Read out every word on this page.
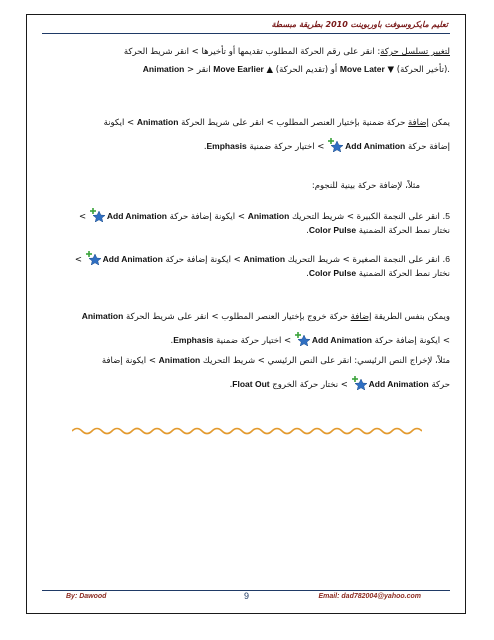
تعليم مايكروسوفت باوربوينت 2010 بطريقة مبسطة
لتغيير تسلسل حركة: انقر على رقم الحركة المطلوب تقديمها أو تأخيرها > انقر شريط الحركة
Animation > انقر Move Earlier ▲ (تقديم الحركة) أو Move Later ▼ (تأخير الحركة).
يمكن إضافة حركة ضمنية بإختيار العنصر المطلوب > انقر على شريط الحركة Animation > ايكونة
إضافة حركة Add Animation
> اختيار حركة ضمنية Emphasis.
مثلاً، لإضافة حركة بينية للنجوم:
5. انقر على النجمة الكبيرة > شريط التحريك Animation > ايكونة إضافة حركة Add Animation
>
نختار نمط الحركة الضمنية Color Pulse.
6. انقر على النجمة الصغيرة > شريط التحريك Animation > ايكونة إضافة حركة Add Animation
>
نختار نمط الحركة الضمنية Color Pulse.
ويمكن بنفس الطريقة إضافة حركة خروج بإختيار العنصر المطلوب > انقر على شريط الحركة Animation
> ايكونة إضافة حركة Add Animation
> اختيار حركة ضمنية Emphasis.
مثلاً، لإخراج النص الرئيسي: انقر على النص الرئيسي > شريط التحريك Animation > ايكونة إضافة
حركة Add Animation
> نختار حركة الخروج Float Out.
By: Dawood	9	Email: dad782004@yahoo.com
